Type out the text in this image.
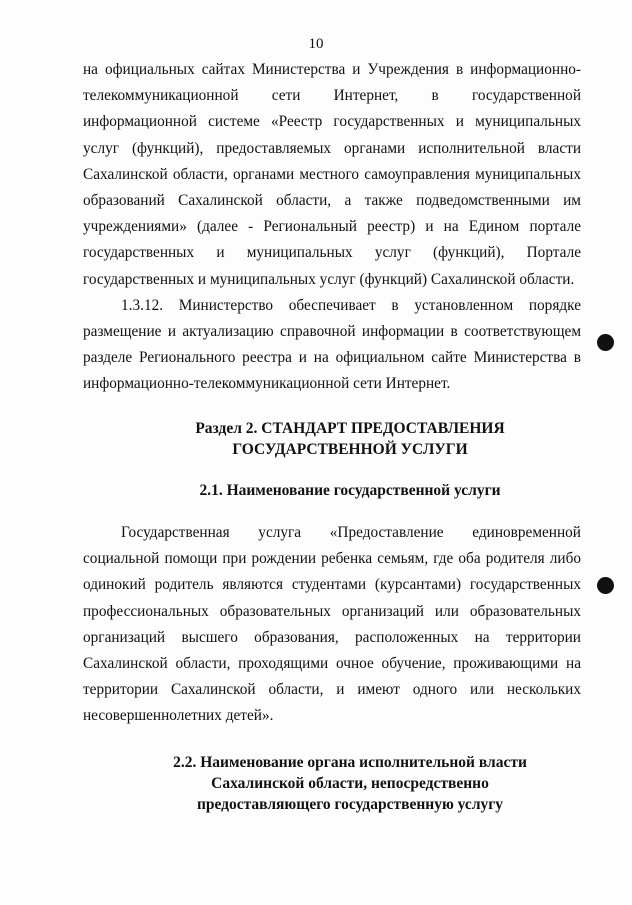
10

на официальных сайтах Министерства и Учреждения в информационно-телекоммуникационной сети Интернет, в государственной информационной системе «Реестр государственных и муниципальных услуг (функций), предоставляемых органами исполнительной власти Сахалинской области, органами местного самоуправления муниципальных образований Сахалинской области, а также подведомственными им учреждениями» (далее - Региональный реестр) и на Едином портале государственных и муниципальных услуг (функций), Портале государственных и муниципальных услуг (функций) Сахалинской области.

1.3.12. Министерство обеспечивает в установленном порядке размещение и актуализацию справочной информации в соответствующем разделе Регионального реестра и на официальном сайте Министерства в информационно-телекоммуникационной сети Интернет.

Раздел 2. СТАНДАРТ ПРЕДОСТАВЛЕНИЯ
ГОСУДАРСТВЕННОЙ УСЛУГИ
2.1. Наименование государственной услуги

Государственная услуга «Предоставление единовременной социальной помощи при рождении ребенка семьям, где оба родителя либо одинокий родитель являются студентами (курсантами) государственных профессиональных образовательных организаций или образовательных организаций высшего образования, расположенных на территории Сахалинской области, проходящими очное обучение, проживающими на территории Сахалинской области, и имеют одного или нескольких несовершеннолетних детей».

2.2. Наименование органа исполнительной власти
Сахалинской области, непосредственно
предоставляющего государственную услугу
